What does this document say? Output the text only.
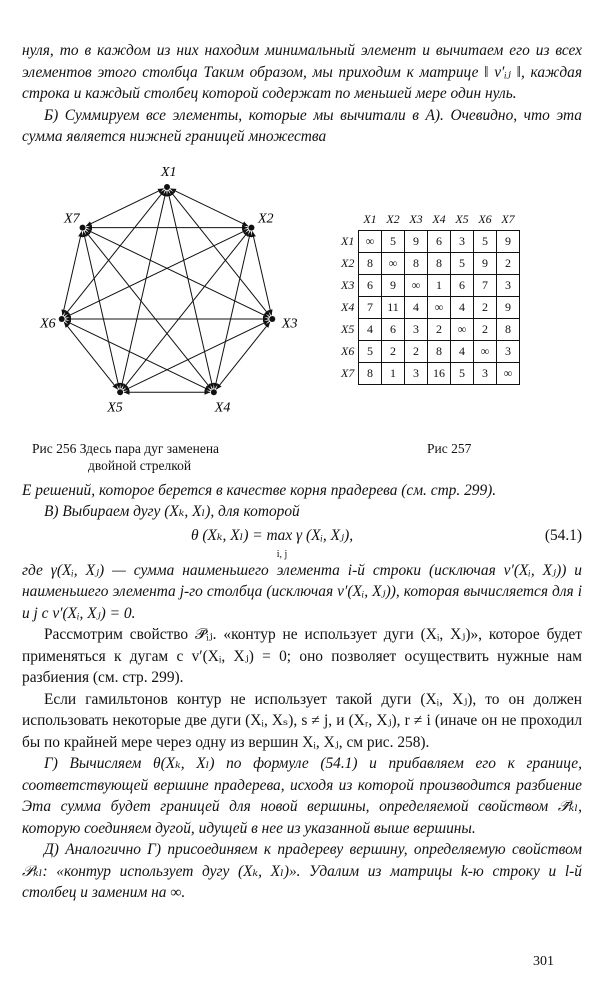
нуля, то в каждом из них находим минимальный элемент и вычитаем его из всех элементов этого столбца Таким образом, мы приходим к матрице ‖ v′ᵢⱼ ‖, каждая строка и каждый столбец которой содержат по меньшей мере один нуль.

Б) Суммируем все элементы, которые мы вычитали в А). Очевидно, что эта сумма является нижней границей множества

X1
X2
X3
X4
X5
X6
X7
Рис 256 Здесь пара дуг заменена
двойной стрелкой
	X1	X2	X3	X4	X5	X6	X7
X1	∞	5	9	6	3	5	9
X2	8	∞	8	8	5	9	2
X3	6	9	∞	1	6	7	3
X4	7	11	4	∞	4	2	9
X5	4	6	3	2	∞	2	8
X6	5	2	2	8	4	∞	3
X7	8	1	3	16	5	3	∞
Рис 257

Е решений, которое берется в качестве корня прадерева (см. стр. 299).

В) Выбираем дугу (Xₖ, Xₗ), для которой

θ (Xₖ, Xₗ) = max γ (Xᵢ, Xⱼ),	(54.1)
i, j

где γ(Xᵢ, Xⱼ) — сумма наименьшего элемента i-й строки (исключая v′(Xᵢ, Xⱼ)) и наименьшего элемента j-го столбца (исключая v′(Xᵢ, Xⱼ)), которая вычисляется для i и j с v′(Xᵢ, Xⱼ) = 0.

Рассмотрим свойство 𝒫̄ᵢⱼ. «контур не использует дуги (Xᵢ, Xⱼ)», которое будет применяться к дугам с v′(Xᵢ, Xⱼ) = 0; оно позволяет осуществить нужные нам разбиения (см. стр. 299).

Если гамильтонов контур не использует такой дуги (Xᵢ, Xⱼ), то он должен использовать некоторые две дуги (Xᵢ, Xₛ), s ≠ j, и (Xᵣ, Xⱼ), r ≠ i (иначе он не проходил бы по крайней мере через одну из вершин Xᵢ, Xⱼ, см рис. 258).

Г) Вычисляем θ(Xₖ, Xₗ) по формуле (54.1) и прибавляем его к границе, соответствующей вершине прадерева, исходя из которой производится разбиение Эта сумма будет границей для новой вершины, определяемой свойством 𝒫̄ₖₗ, которую соединяем дугой, идущей в нее из указанной выше вершины.

Д) Аналогично Г) присоединяем к прадереву вершину, определяемую свойством 𝒫ₖₗ: «контур использует дугу (Xₖ, Xₗ)». Удалим из матрицы k-ю строку и l-й столбец и заменим на ∞.

301
